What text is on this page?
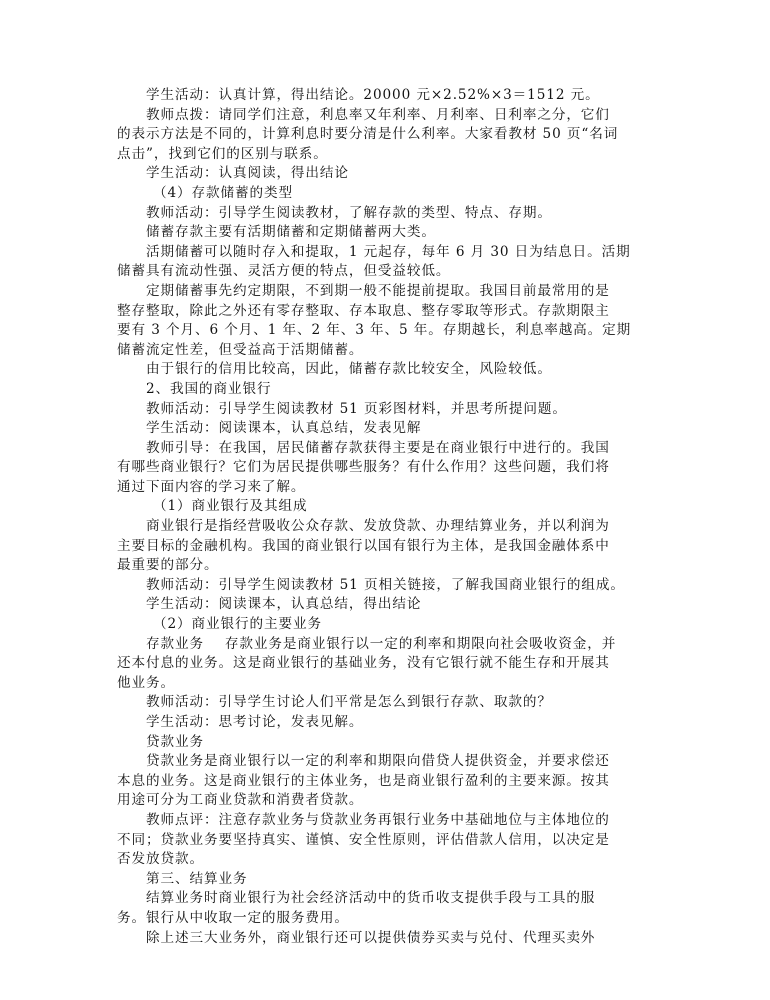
学生活动：认真计算，得出结论。20000 元×2.52%×3＝1512 元。
教师点拨：请同学们注意，利息率又年利率、月利率、日利率之分，它们
的表示方法是不同的，计算利息时要分清是什么利率。大家看教材 50 页“名词
点击”，找到它们的区别与联系。
学生活动：认真阅读，得出结论
（4）存款储蓄的类型
教师活动：引导学生阅读教材，了解存款的类型、特点、存期。
储蓄存款主要有活期储蓄和定期储蓄两大类。
活期储蓄可以随时存入和提取，1 元起存，每年 6 月 30 日为结息日。活期
储蓄具有流动性强、灵活方便的特点，但受益较低。
定期储蓄事先约定期限，不到期一般不能提前提取。我国目前最常用的是
整存整取，除此之外还有零存整取、存本取息、整存零取等形式。存款期限主
要有 3 个月、6 个月、1 年、2 年、3 年、5 年。存期越长，利息率越高。定期
储蓄流定性差，但受益高于活期储蓄。
由于银行的信用比较高，因此，储蓄存款比较安全，风险较低。
2、我国的商业银行
教师活动：引导学生阅读教材 51 页彩图材料，并思考所提问题。
学生活动：阅读课本，认真总结，发表见解
教师引导：在我国，居民储蓄存款获得主要是在商业银行中进行的。我国
有哪些商业银行？它们为居民提供哪些服务？有什么作用？这些问题，我们将
通过下面内容的学习来了解。
（1）商业银行及其组成
商业银行是指经营吸收公众存款、发放贷款、办理结算业务，并以利润为
主要目标的金融机构。我国的商业银行以国有银行为主体，是我国金融体系中
最重要的部分。
教师活动：引导学生阅读教材 51 页相关链接，了解我国商业银行的组成。
学生活动：阅读课本，认真总结，得出结论
（2）商业银行的主要业务
存款业务    存款业务是商业银行以一定的利率和期限向社会吸收资金，并
还本付息的业务。这是商业银行的基础业务，没有它银行就不能生存和开展其
他业务。
教师活动：引导学生讨论人们平常是怎么到银行存款、取款的？
学生活动：思考讨论，发表见解。
贷款业务
贷款业务是商业银行以一定的利率和期限向借贷人提供资金，并要求偿还
本息的业务。这是商业银行的主体业务，也是商业银行盈利的主要来源。按其
用途可分为工商业贷款和消费者贷款。
教师点评：注意存款业务与贷款业务再银行业务中基础地位与主体地位的
不同；贷款业务要坚持真实、谨慎、安全性原则，评估借款人信用，以决定是
否发放贷款。
第三、结算业务
结算业务时商业银行为社会经济活动中的货币收支提供手段与工具的服
务。银行从中收取一定的服务费用。
除上述三大业务外，商业银行还可以提供债券买卖与兑付、代理买卖外
